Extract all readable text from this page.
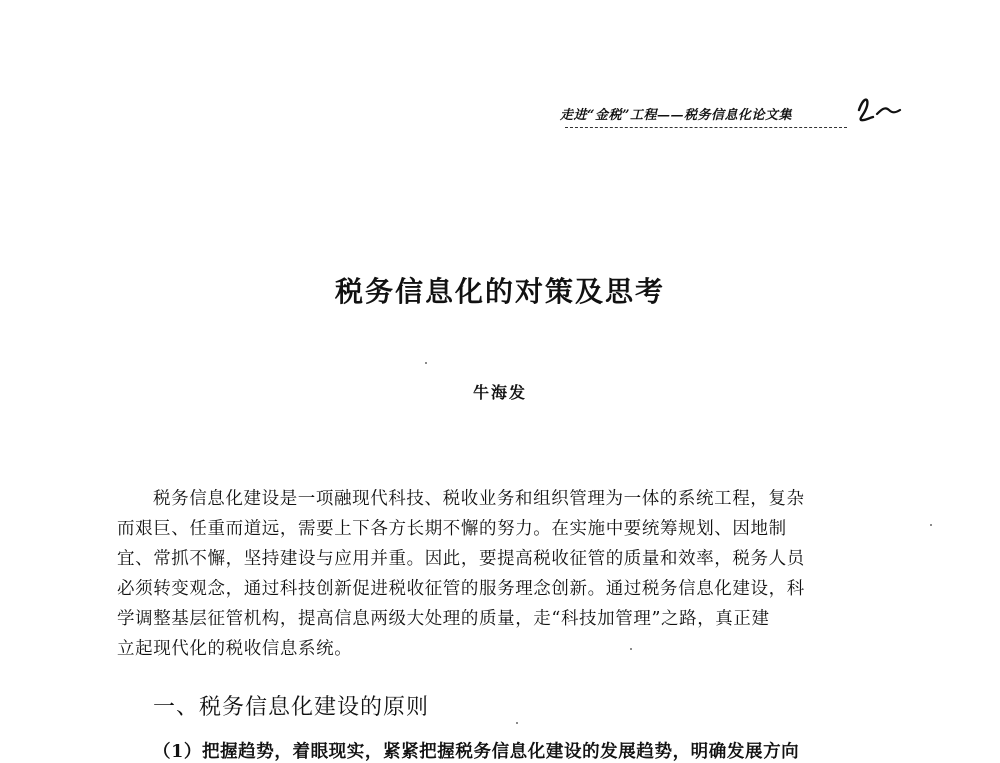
走进“金税”工程——税务信息化论文集
税务信息化的对策及思考
牛海发
税务信息化建设是一项融现代科技、税收业务和组织管理为一体的系统工程，复杂
而艰巨、任重而道远，需要上下各方长期不懈的努力。在实施中要统筹规划、因地制
宜、常抓不懈，坚持建设与应用并重。因此，要提高税收征管的质量和效率，税务人员
必须转变观念，通过科技创新促进税收征管的服务理念创新。通过税务信息化建设，科
学调整基层征管机构，提高信息两级大处理的质量，走“科技加管理”之路，真正建
立起现代化的税收信息系统。
一、税务信息化建设的原则
（1）把握趋势，着眼现实，紧紧把握税务信息化建设的发展趋势，明确发展方向
